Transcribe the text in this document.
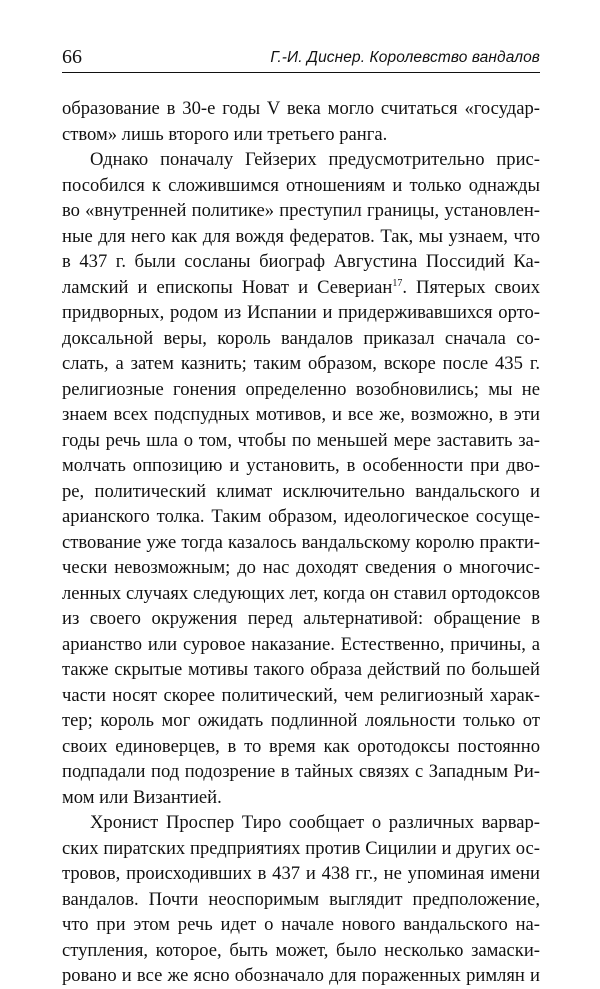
66	Г.-И. Диснер. Королевство вандалов

образование в 30-е годы V века могло считаться «государ-
ством» лишь второго или третьего ранга.

Однако поначалу Гейзерих предусмотрительно прис-
пособился к сложившимся отношениям и только однажды
во «внутренней политике» преступил границы, установлен-
ные для него как для вождя федератов. Так, мы узнаем, что
в 437 г. были сосланы биограф Августина Поссидий Ка-
ламский и епископы Новат и Севериан$^{17}$. Пятерых своих
придворных, родом из Испании и придерживавшихся орто-
доксальной веры, король вандалов приказал сначала со-
слать, а затем казнить; таким образом, вскоре после 435 г.
религиозные гонения определенно возобновились; мы не
знаем всех подспудных мотивов, и все же, возможно, в эти
годы речь шла о том, чтобы по меньшей мере заставить за-
молчать оппозицию и установить, в особенности при дво-
ре, политический климат исключительно вандальского и
арианского толка. Таким образом, идеологическое сосуще-
ствование уже тогда казалось вандальскому королю практи-
чески невозможным; до нас доходят сведения о многочис-
ленных случаях следующих лет, когда он ставил ортодоксов
из своего окружения перед альтернативой: обращение в
арианство или суровое наказание. Естественно, причины, а
также скрытые мотивы такого образа действий по большей
части носят скорее политический, чем религиозный харак-
тер; король мог ожидать подлинной лояльности только от
своих единоверцев, в то время как оротодоксы постоянно
подпадали под подозрение в тайных связях с Западным Ри-
мом или Византией.

Хронист Проспер Тиро сообщает о различных варвар-
ских пиратских предприятиях против Сицилии и других ос-
тровов, происходивших в 437 и 438 гг., не упоминая имени
вандалов. Почти неоспоримым выглядит предположение,
что при этом речь идет о начале нового вандальского на-
ступления, которое, быть может, было несколько замаски-
ровано и все же ясно обозначало для пораженных римлян и
